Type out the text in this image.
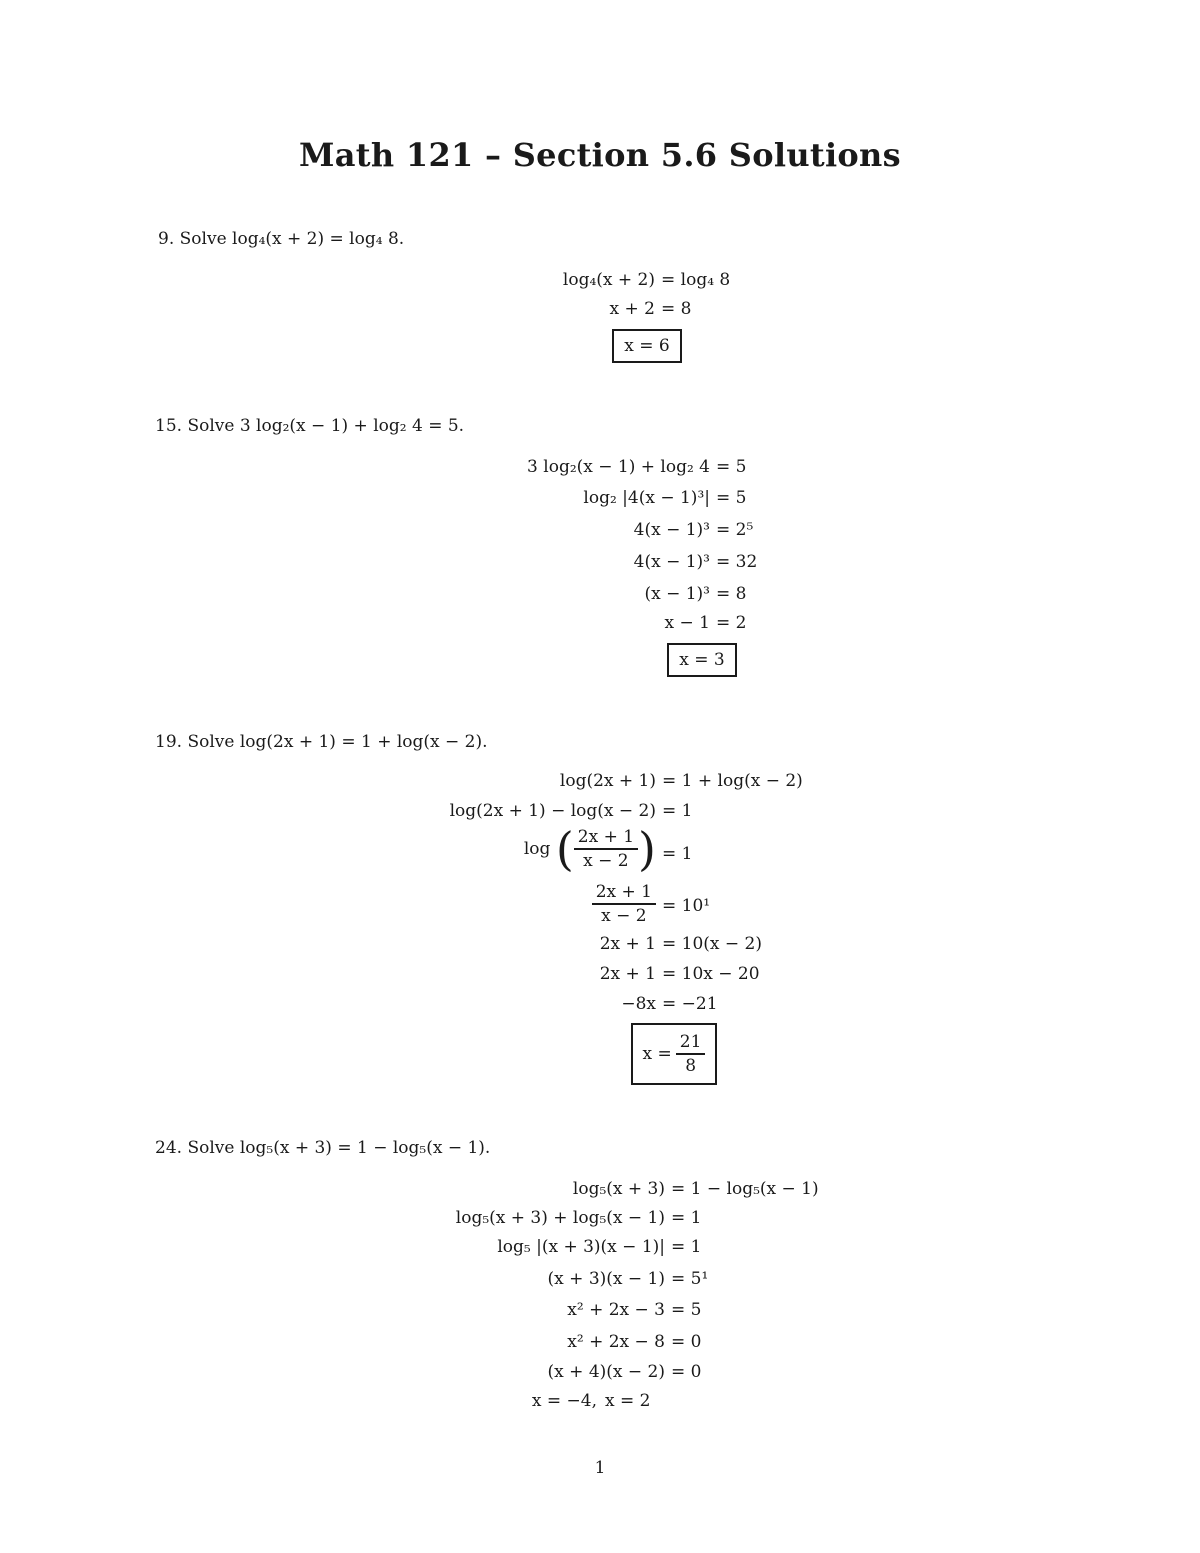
Math 121 – Section 5.6 Solutions
9. Solve log₄(x + 2) = log₄ 8.
log₄(x + 2) = log₄ 8
x + 2 = 8
x = 6
15. Solve 3 log₂(x − 1) + log₂ 4 = 5.
3 log₂(x − 1) + log₂ 4 = 5
log₂ |4(x − 1)³| = 5
4(x − 1)³ = 2⁵
4(x − 1)³ = 32
(x − 1)³ = 8
x − 1 = 2
x = 3
19. Solve log(2x + 1) = 1 + log(x − 2).
log(2x + 1) = 1 + log(x − 2)
log(2x + 1) − log(x − 2) = 1
log ( $\frac{2x + 1}{x - 2}$ ) = 1
$\frac{2x + 1}{x - 2} = 10^1$
2x + 1 = 10(x − 2)
2x + 1 = 10x − 20
−8x = −21
$x = \frac{21}{8}$
24. Solve log₅(x + 3) = 1 − log₅(x − 1).
log₅(x + 3) = 1 − log₅(x − 1)
log₅(x + 3) + log₅(x − 1) = 1
log₅ |(x + 3)(x − 1)| = 1
(x + 3)(x − 1) = 5¹
x² + 2x − 3 = 5
x² + 2x − 8 = 0
(x + 4)(x − 2) = 0
x = −4, x = 2
1
